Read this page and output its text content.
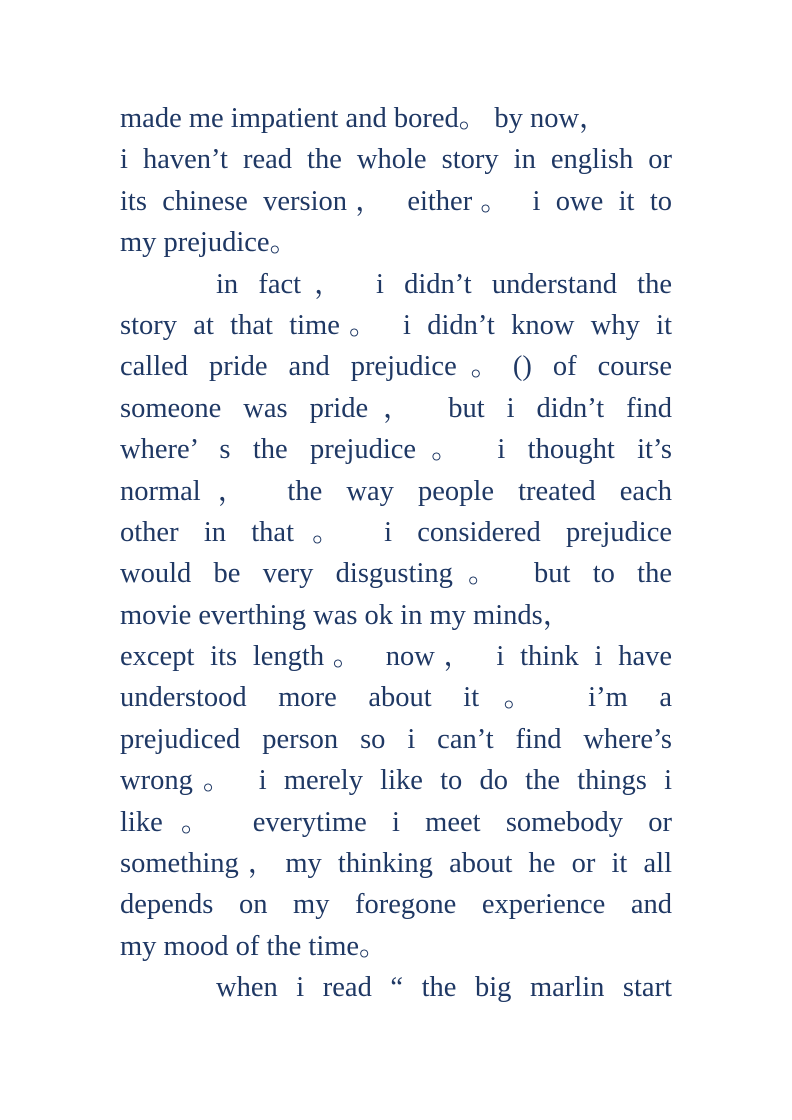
made me impatient and bored。 by now，
i haven’t read the whole story in english or
its chinese version， either。 i owe it to
my prejudice。
in fact， i didn’t understand the
story at that time。 i didn’t know why it
called pride and prejudice。() of course
someone was pride， but i didn’t find
where’ s the prejudice。 i thought it’s
normal， the way people treated each
other in that。 i considered prejudice
would be very disgusting。 but to the
movie everthing was ok in my minds，
except its length。 now， i think i have
understood more about it。 i’m a
prejudiced person so i can’t find where’s
wrong。 i merely like to do the things i
like。 everytime i meet somebody or
something，my thinking about he or it all
depends on my foregone experience and
my mood of the time。
when i read “ the big marlin start
